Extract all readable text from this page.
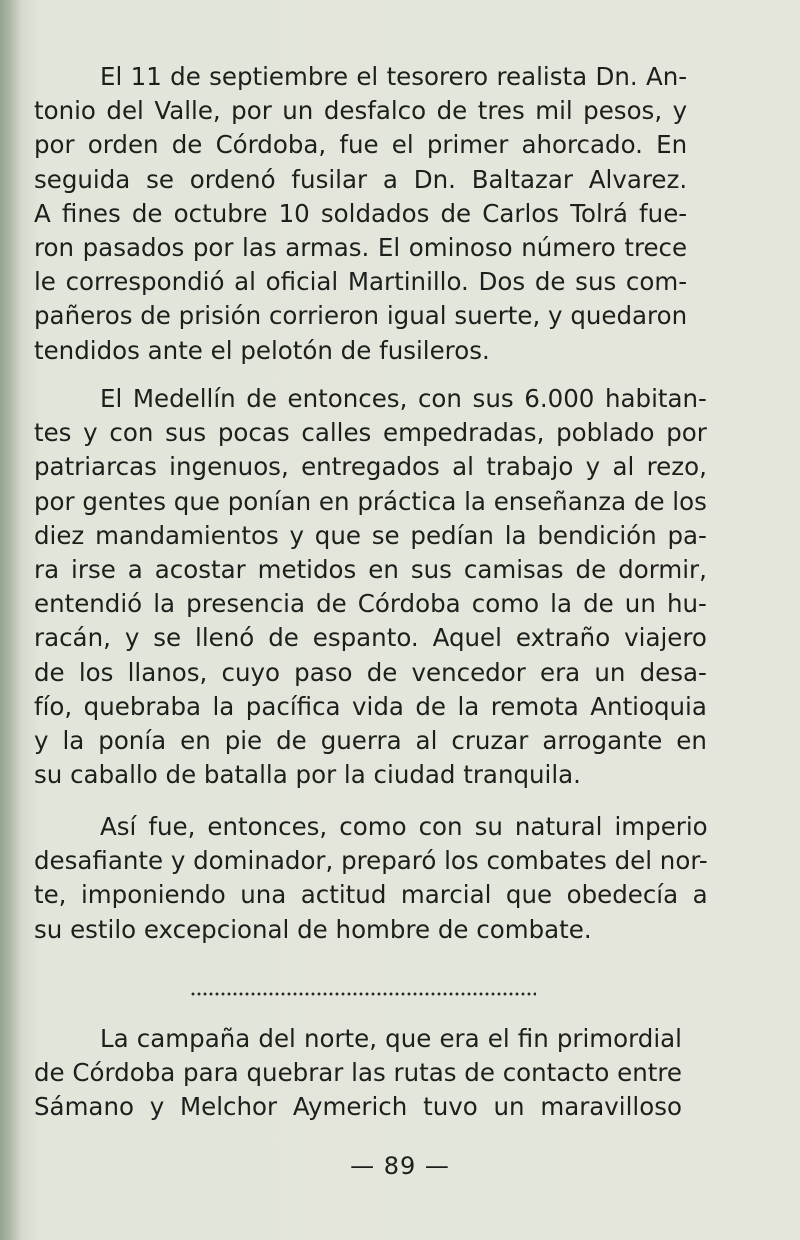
El 11 de septiembre el tesorero realista Dn. An-
tonio del Valle, por un desfalco de tres mil pesos, y
por orden de Córdoba, fue el primer ahorcado. En
seguida se ordenó fusilar a Dn. Baltazar Alvarez.
A fines de octubre 10 soldados de Carlos Tolrá fue-
ron pasados por las armas. El ominoso número trece
le correspondió al oficial Martinillo. Dos de sus com-
pañeros de prisión corrieron igual suerte, y quedaron
tendidos ante el pelotón de fusileros.

El Medellín de entonces, con sus 6.000 habitan-
tes y con sus pocas calles empedradas, poblado por
patriarcas ingenuos, entregados al trabajo y al rezo,
por gentes que ponían en práctica la enseñanza de los
diez mandamientos y que se pedían la bendición pa-
ra irse a acostar metidos en sus camisas de dormir,
entendió la presencia de Córdoba como la de un hu-
racán, y se llenó de espanto. Aquel extraño viajero
de los llanos, cuyo paso de vencedor era un desa-
fío, quebraba la pacífica vida de la remota Antioquia
y la ponía en pie de guerra al cruzar arrogante en
su caballo de batalla por la ciudad tranquila.

Así fue, entonces, como con su natural imperio
desafiante y dominador, preparó los combates del nor-
te, imponiendo una actitud marcial que obedecía a
su estilo excepcional de hombre de combate.

La campaña del norte, que era el fin primordial
de Córdoba para quebrar las rutas de contacto entre
Sámano y Melchor Aymerich tuvo un maravilloso

— 89 —
